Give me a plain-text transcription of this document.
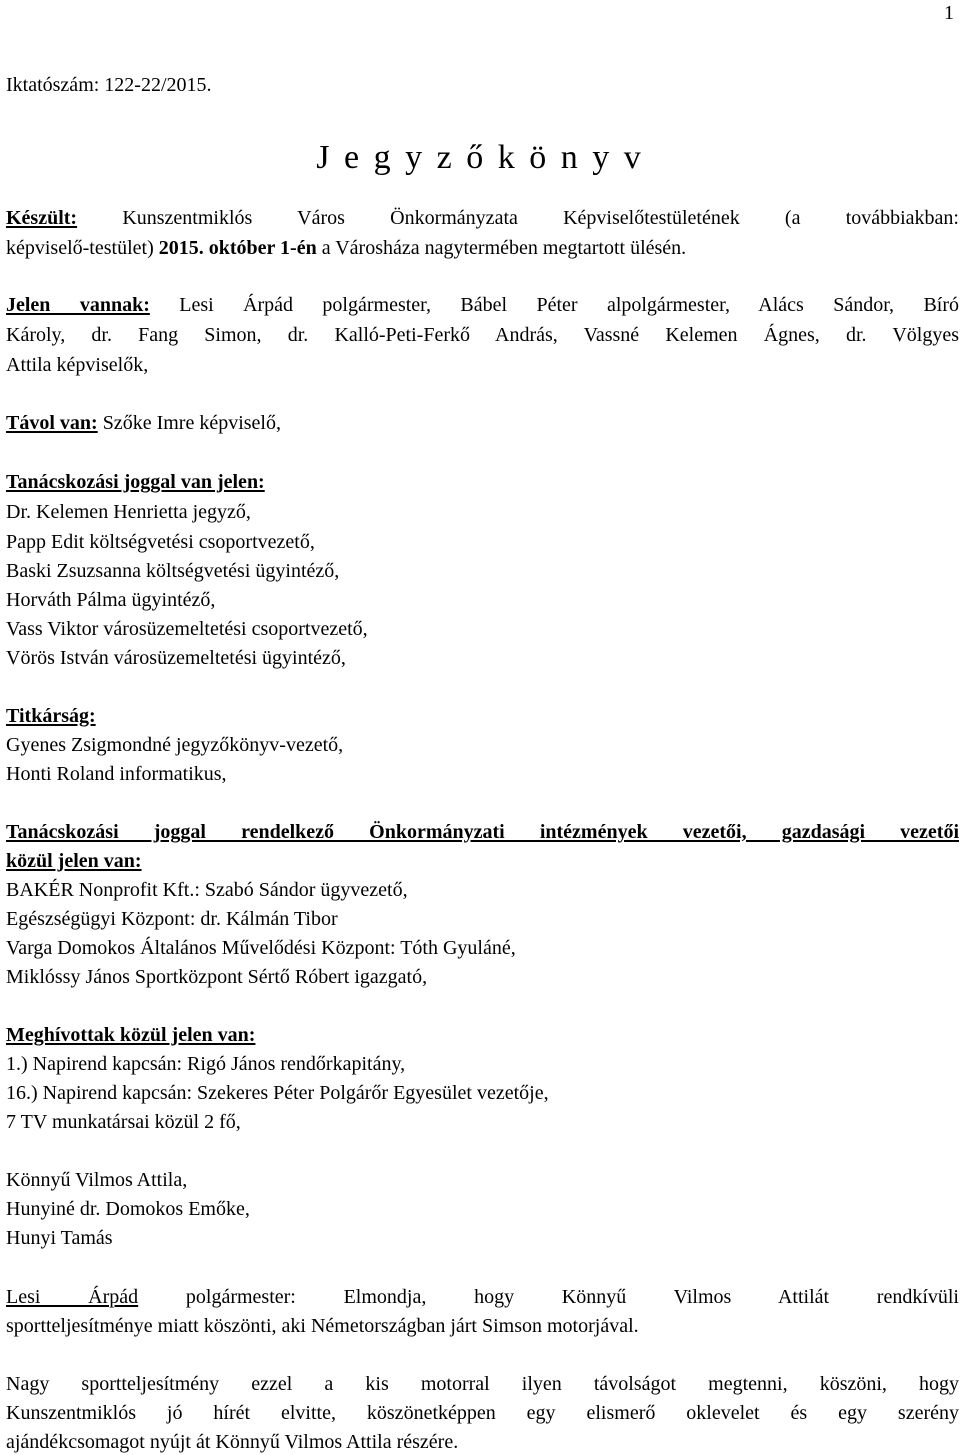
1
Iktatószám: 122-22/2015.
J e g y z ő k ö n y v
Készült: Kunszentmiklós Város Önkormányzata Képviselőtestületének (a továbbiakban:
képviselő-testület) 2015. október 1-én a Városháza nagytermében megtartott ülésén.
Jelen vannak: Lesi Árpád polgármester, Bábel Péter alpolgármester, Alács Sándor, Bíró
Károly, dr. Fang Simon, dr. Kalló-Peti-Ferkő András, Vassné Kelemen Ágnes, dr. Völgyes
Attila képviselők,
Távol van: Szőke Imre képviselő,
Tanácskozási joggal van jelen:
Dr. Kelemen Henrietta jegyző,
Papp Edit költségvetési csoportvezető,
Baski Zsuzsanna költségvetési ügyintéző,
Horváth Pálma ügyintéző,
Vass Viktor városüzemeltetési csoportvezető,
Vörös István városüzemeltetési ügyintéző,
Titkárság:
Gyenes Zsigmondné jegyzőkönyv-vezető,
Honti Roland informatikus,
Tanácskozási joggal rendelkező Önkormányzati intézmények vezetői, gazdasági vezetői
közül jelen van:
BAKÉR Nonprofit Kft.: Szabó Sándor ügyvezető,
Egészségügyi Központ: dr. Kálmán Tibor
Varga Domokos Általános Művelődési Központ: Tóth Gyuláné,
Miklóssy János Sportközpont Sértő Róbert igazgató,
Meghívottak közül jelen van:
1.) Napirend kapcsán: Rigó János rendőrkapitány,
16.) Napirend kapcsán: Szekeres Péter Polgárőr Egyesület vezetője,
7 TV munkatársai közül 2 fő,
Könnyű Vilmos Attila,
Hunyiné dr. Domokos Emőke,
Hunyi Tamás
Lesi Árpád polgármester: Elmondja, hogy Könnyű Vilmos Attilát rendkívüli
sportteljesítménye miatt köszönti, aki Németországban járt Simson motorjával.
Nagy sportteljesítmény ezzel a kis motorral ilyen távolságot megtenni, köszöni, hogy
Kunszentmiklós jó hírét elvitte, köszönetképpen egy elismerő oklevelet és egy szerény
ajándékcsomagot nyújt át Könnyű Vilmos Attila részére.
